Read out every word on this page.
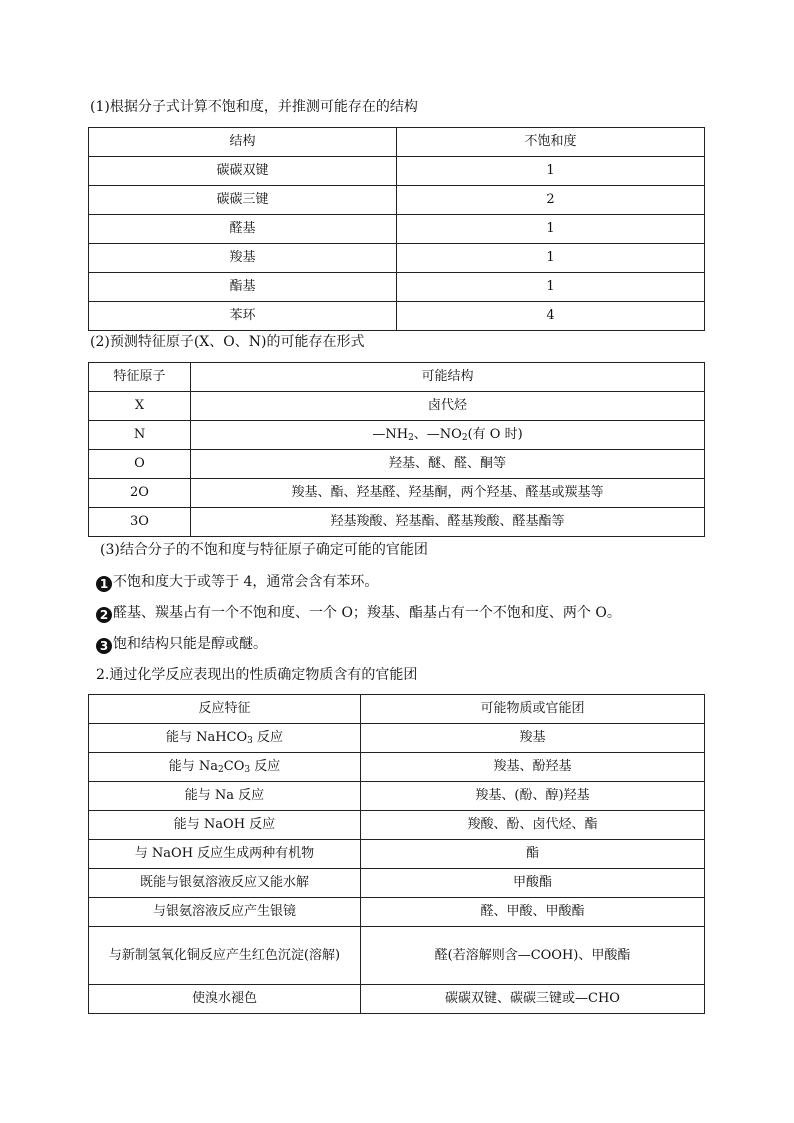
(1)根据分子式计算不饱和度，并推测可能存在的结构
结构	不饱和度
碳碳双键	1
碳碳三键	2
醛基	1
羧基	1
酯基	1
苯环	4
(2)预测特征原子(X、O、N)的可能存在形式
特征原子	可能结构
X	卤代烃
N	$—NH_2$、$—NO_2$(有 O 时)
O	羟基、醚、醛、酮等
2O	羧基、酯、羟基醛、羟基酮，两个羟基、醛基或羰基等
3O	羟基羧酸、羟基酯、醛基羧酸、醛基酯等
(3)结合分子的不饱和度与特征原子确定可能的官能团
1 不饱和度大于或等于 4，通常会含有苯环。
2 醛基、羰基占有一个不饱和度、一个 O；羧基、酯基占有一个不饱和度、两个 O。
3 饱和结构只能是醇或醚。
2.通过化学反应表现出的性质确定物质含有的官能团
反应特征	可能物质或官能团
能与 NaHCO$_3$ 反应	羧基
能与 $Na_2CO_3$ 反应	羧基、酚羟基
能与 Na 反应	羧基、(酚、醇)羟基
能与 NaOH 反应	羧酸、酚、卤代烃、酯
与 NaOH 反应生成两种有机物	酯
既能与银氨溶液反应又能水解	甲酸酯
与银氨溶液反应产生银镜	醛、甲酸、甲酸酯
与新制氢氧化铜反应产生红色沉淀(溶解)	醛(若溶解则含—COOH)、甲酸酯
使溴水褪色	碳碳双键、碳碳三键或—CHO
